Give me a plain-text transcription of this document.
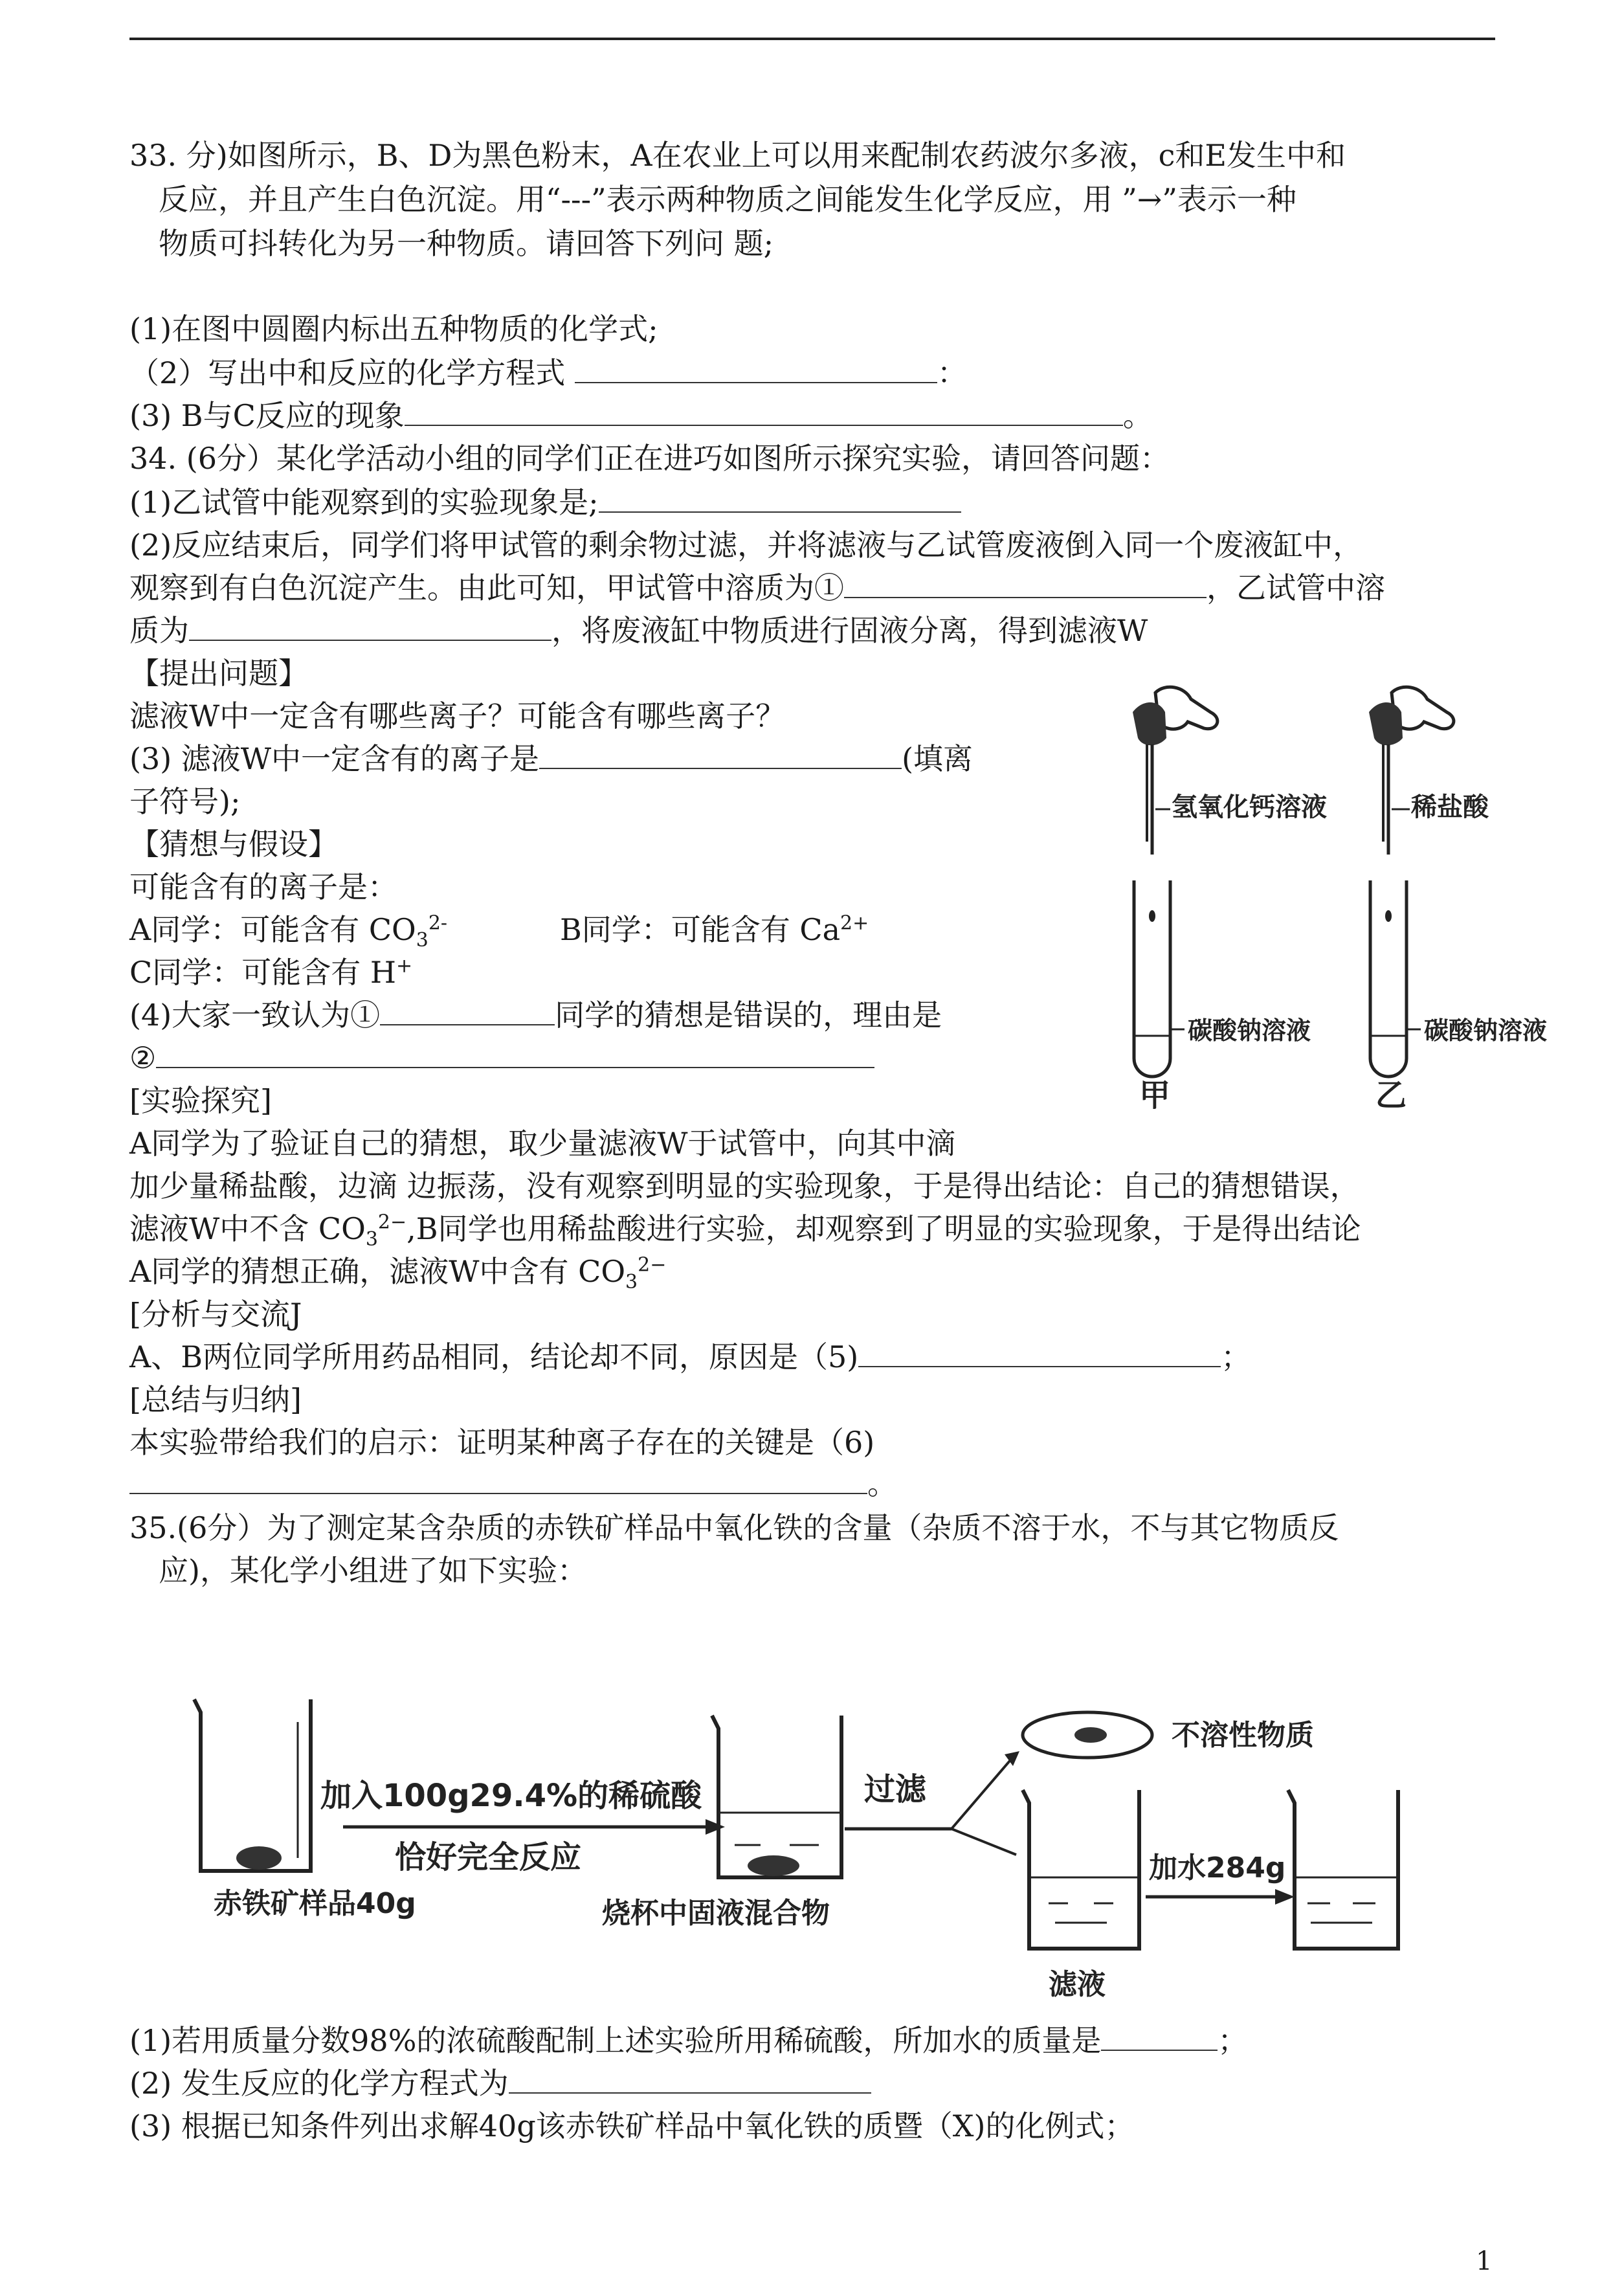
33. 分)如图所示，B、D为黑色粉末，A在农业上可以用来配制农药波尔多液，c和E发生中和
反应，并且产生白色沉淀。用“---”表示两种物质之间能发生化学反应，用 ”→”表示一种
物质可抖转化为另一种物质。请回答下列问 题;
(1)在图中圆圈内标出五种物质的化学式;
（2）写出中和反应的化学方程式	：
(3) B与C反应的现象	。
34. (6分）某化学活动小组的同学们正在进巧如图所示探究实验，请回答问题：
(1)乙试管中能观察到的实验现象是;
(2)反应结束后，同学们将甲试管的剩余物过滤，并将滤液与乙试管废液倒入同一个废液缸中，
观察到有白色沉淀产生。由此可知，甲试管中溶质为①	，乙试管中溶
质为	，将废液缸中物质进行固液分离，得到滤液W
【提出问题】
滤液W中一定含有哪些离子？可能含有哪些离子？
(3) 滤液W中一定含有的离子是	(填离
子符号);
【猜想与假设】
可能含有的离子是：
A同学：可能含有 $CO_3^{2-}$	B同学：可能含有 $Ca^{2+}$
C同学：可能含有 H+
(4)大家一致认为①	同学的猜想是错误的，理由是
②
[实验探究]
A同学为了验证自己的猜想，取少量滤液W于试管中，向其中滴
加少量稀盐酸，边滴 边振荡，没有观察到明显的实验现象，于是得出结论：自己的猜想错误，
滤液W中不含 $CO_3^{2-},B$同学也用稀盐酸进行实验，却观察到了明显的实验现象，于是得出结论
A同学的猜想正确，滤液W中含有 $CO_3^{2-}$
[分析与交流J
A、B两位同学所用药品相同，结论却不同，原因是（5)	；
[总结与归纳]
本实验带给我们的启示：证明某种离子存在的关键是（6)
。
氢氧化钙溶液
碳酸钠溶液
甲
稀盐酸
碳酸钠溶液
乙
35.(6分）为了测定某含杂质的赤铁矿样品中氧化铁的含量（杂质不溶于水，不与其它物质反
应)，某化学小组进了如下实验：
赤铁矿样品40g
加入100g29.4%的稀硫酸
恰好完全反应
烧杯中固液混合物
过滤
不溶性物质
滤液
加水284g
(1)若用质量分数98%的浓硫酸配制上述实验所用稀硫酸，所加水的质量是	；
(2) 发生反应的化学方程式为
(3) 根据已知条件列出求解40g该赤铁矿样品中氧化铁的质暨（X)的化例式；
1
